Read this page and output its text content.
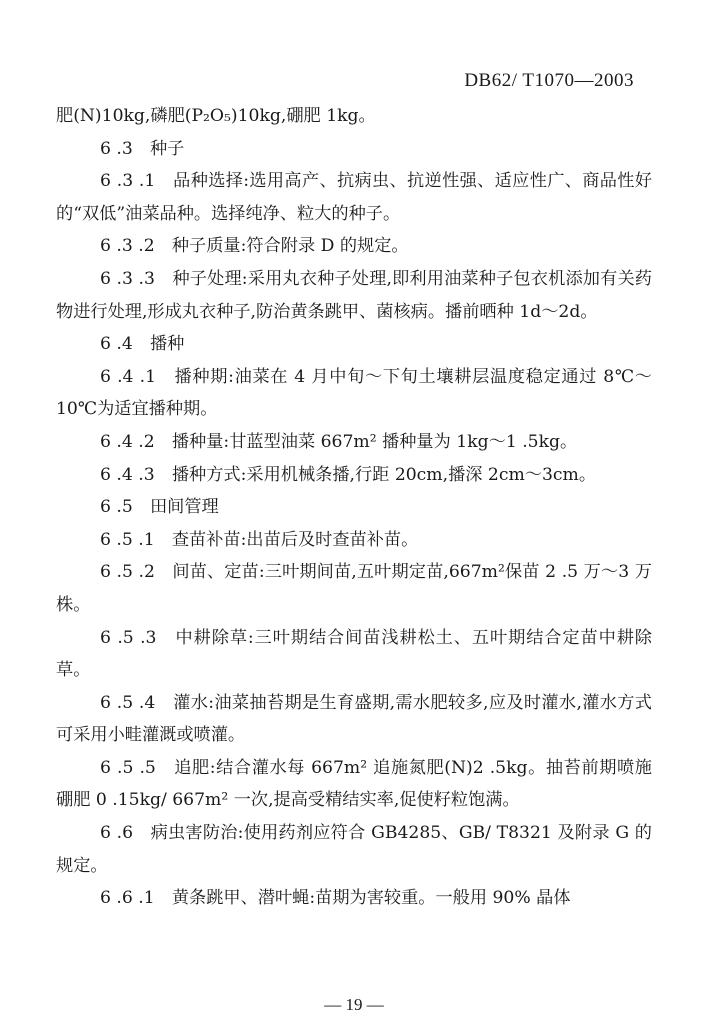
DB62/ T1070—2003

肥(N)10kg,磷肥(P₂O₅)10kg,硼肥 1kg。

6 .3　种子

6 .3 .1　品种选择:选用高产、抗病虫、抗逆性强、适应性广、商品性好的“双低”油菜品种。选择纯净、粒大的种子。

6 .3 .2　种子质量:符合附录 D 的规定。

6 .3 .3　种子处理:采用丸衣种子处理,即利用油菜种子包衣机添加有关药物进行处理,形成丸衣种子,防治黄条跳甲、菌核病。播前晒种 1d～2d。

6 .4　播种

6 .4 .1　播种期:油菜在 4 月中旬～下旬土壤耕层温度稳定通过 8℃～10℃为适宜播种期。

6 .4 .2　播种量:甘蓝型油菜 667m² 播种量为 1kg～1 .5kg。

6 .4 .3　播种方式:采用机械条播,行距 20cm,播深 2cm～3cm。

6 .5　田间管理

6 .5 .1　查苗补苗:出苗后及时查苗补苗。

6 .5 .2　间苗、定苗:三叶期间苗,五叶期定苗,667m²保苗 2 .5 万～3 万株。

6 .5 .3　中耕除草:三叶期结合间苗浅耕松土、五叶期结合定苗中耕除草。

6 .5 .4　灌水:油菜抽苔期是生育盛期,需水肥较多,应及时灌水,灌水方式可采用小畦灌溉或喷灌。

6 .5 .5　追肥:结合灌水每 667m² 追施氮肥(N)2 .5kg。抽苔前期喷施硼肥 0 .15kg/ 667m² 一次,提高受精结实率,促使籽粒饱满。

6 .6　病虫害防治:使用药剂应符合 GB4285、GB/ T8321 及附录 G 的规定。

6 .6 .1　黄条跳甲、潜叶蝇:苗期为害较重。一般用 90% 晶体

— 19 —
